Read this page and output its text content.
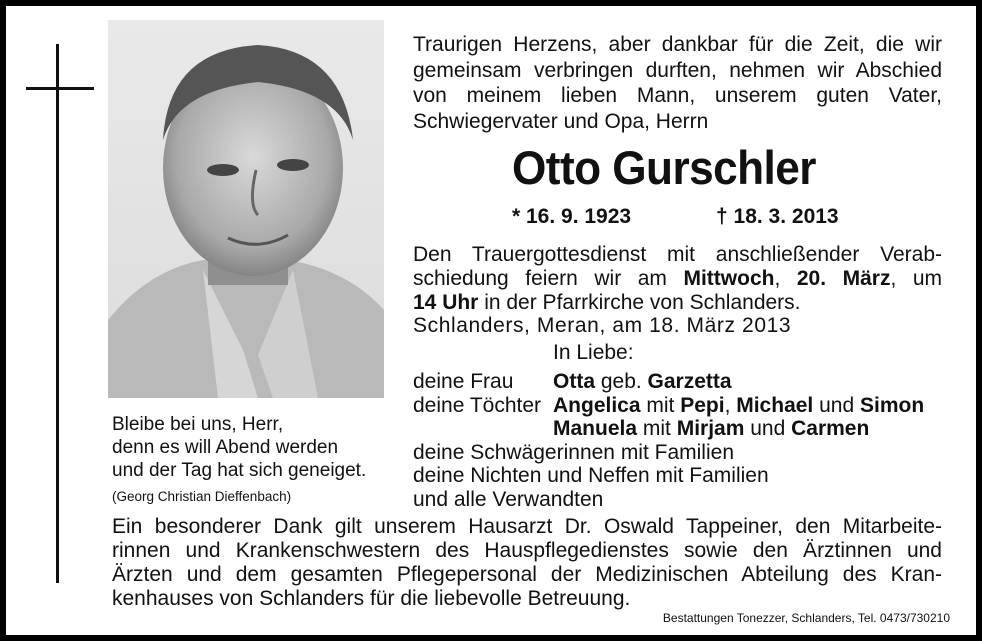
Traurigen Herzens, aber dankbar für die Zeit, die wir
gemeinsam verbringen durften, nehmen wir Abschied
von meinem lieben Mann, unserem guten Vater,
Schwiegervater und Opa, Herrn
Otto Gurschler
* 16. 9. 1923	† 18. 3. 2013
Den Trauergottesdienst mit anschließender Verab-
schiedung feiern wir am Mittwoch, 20. März, um
14 Uhr in der Pfarrkirche von Schlanders.
Schlanders, Meran, am 18. März 2013
In Liebe:
deine Frau Otta geb. Garzetta
deine Töchter Angelica mit Pepi, Michael und Simon
Manuela mit Mirjam und Carmen
deine Schwägerinnen mit Familien
deine Nichten und Neffen mit Familien
und alle Verwandten
Bleibe bei uns, Herr,
denn es will Abend werden
und der Tag hat sich geneiget.
(Georg Christian Dieffenbach)
Ein besonderer Dank gilt unserem Hausarzt Dr. Oswald Tappeiner, den Mitarbeite-
rinnen und Krankenschwestern des Hauspflegedienstes sowie den Ärztinnen und
Ärzten und dem gesamten Pflegepersonal der Medizinischen Abteilung des Kran-
kenhauses von Schlanders für die liebevolle Betreuung.
Bestattungen Tonezzer, Schlanders, Tel. 0473/730210
